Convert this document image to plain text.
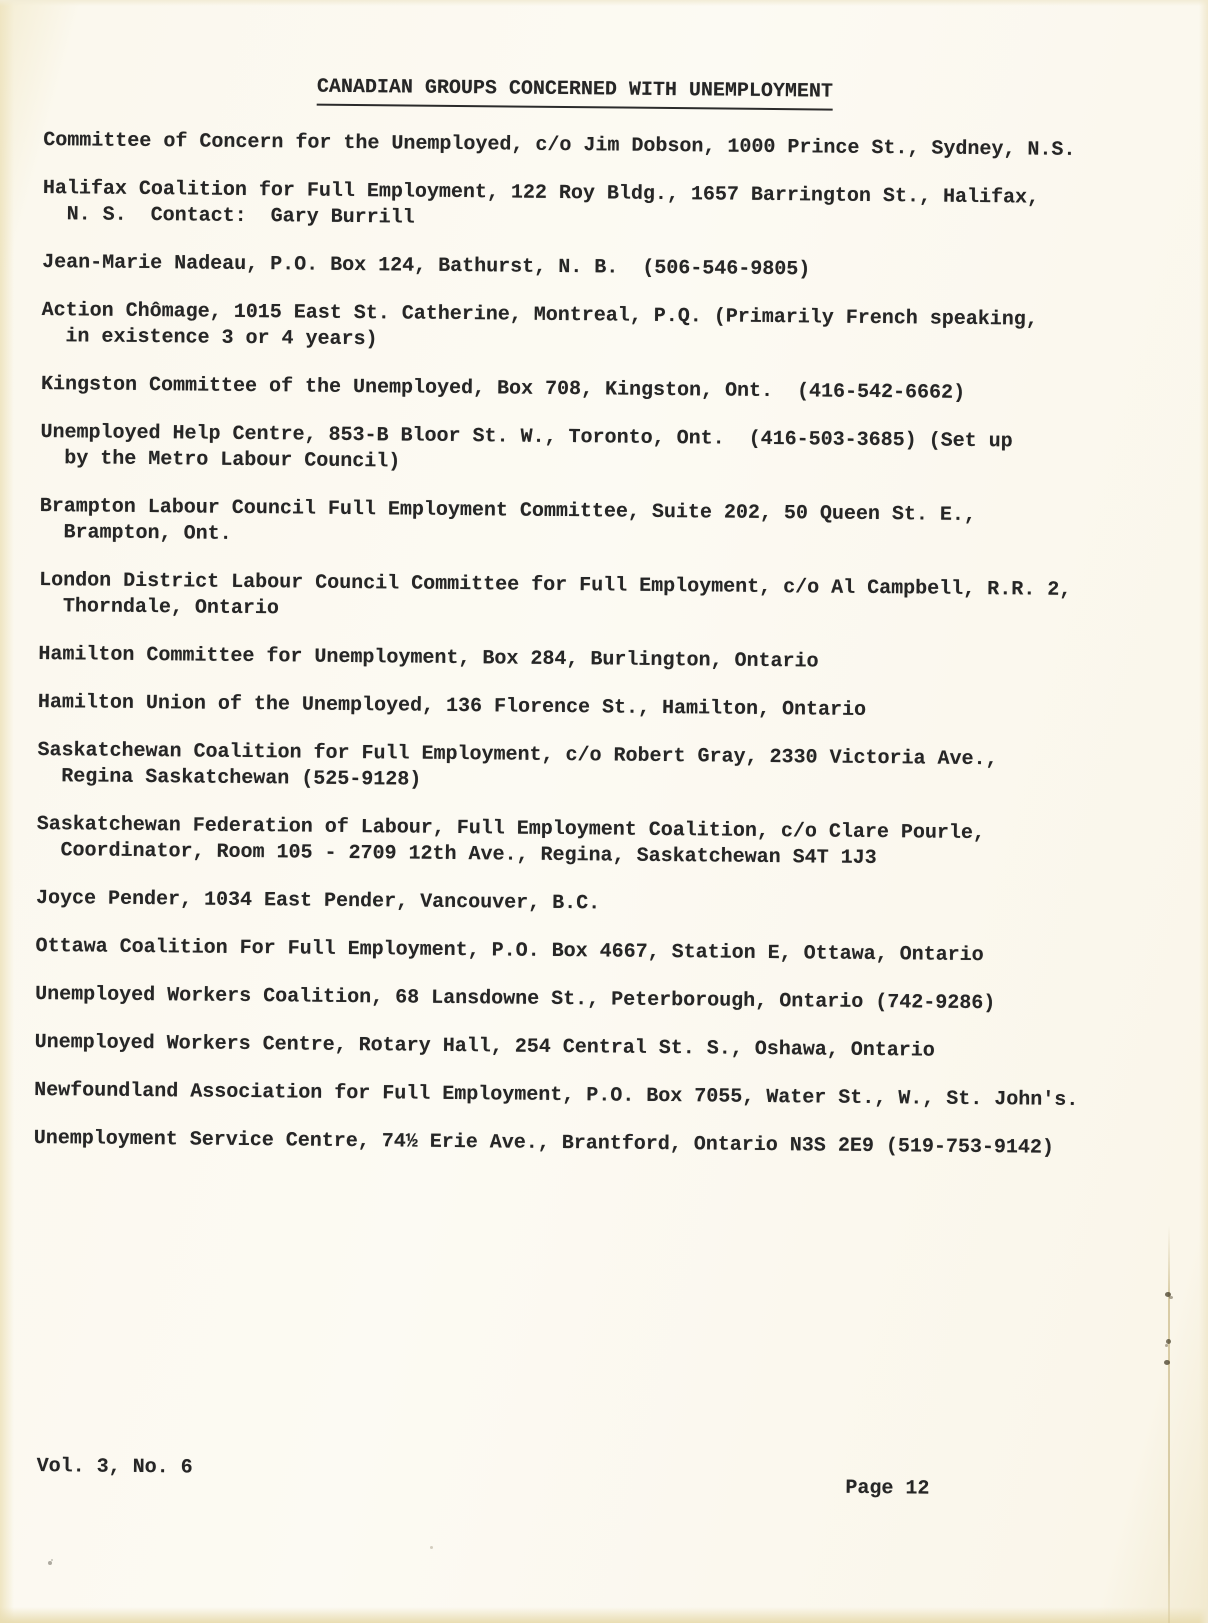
CANADIAN GROUPS CONCERNED WITH UNEMPLOYMENT
Committee of Concern for the Unemployed, c/o Jim Dobson, 1000 Prince St., Sydney, N.S.
Halifax Coalition for Full Employment, 122 Roy Bldg., 1657 Barrington St., Halifax,
N. S.  Contact:  Gary Burrill
Jean-Marie Nadeau, P.O. Box 124, Bathurst, N. B.  (506-546-9805)
Action Chômage, 1015 East St. Catherine, Montreal, P.Q. (Primarily French speaking,
in existence 3 or 4 years)
Kingston Committee of the Unemployed, Box 708, Kingston, Ont.  (416-542-6662)
Unemployed Help Centre, 853-B Bloor St. W., Toronto, Ont.  (416-503-3685) (Set up
by the Metro Labour Council)
Brampton Labour Council Full Employment Committee, Suite 202, 50 Queen St. E.,
Brampton, Ont.
London District Labour Council Committee for Full Employment, c/o Al Campbell, R.R. 2,
Thorndale, Ontario
Hamilton Committee for Unemployment, Box 284, Burlington, Ontario
Hamilton Union of the Unemployed, 136 Florence St., Hamilton, Ontario
Saskatchewan Coalition for Full Employment, c/o Robert Gray, 2330 Victoria Ave.,
Regina Saskatchewan (525-9128)
Saskatchewan Federation of Labour, Full Employment Coalition, c/o Clare Pourle,
Coordinator, Room 105 - 2709 12th Ave., Regina, Saskatchewan S4T 1J3
Joyce Pender, 1034 East Pender, Vancouver, B.C.
Ottawa Coalition For Full Employment, P.O. Box 4667, Station E, Ottawa, Ontario
Unemployed Workers Coalition, 68 Lansdowne St., Peterborough, Ontario (742-9286)
Unemployed Workers Centre, Rotary Hall, 254 Central St. S., Oshawa, Ontario
Newfoundland Association for Full Employment, P.O. Box 7055, Water St., W., St. John's.
Unemployment Service Centre, 74½ Erie Ave., Brantford, Ontario N3S 2E9 (519-753-9142)
Vol. 3, No. 6
Page 12
